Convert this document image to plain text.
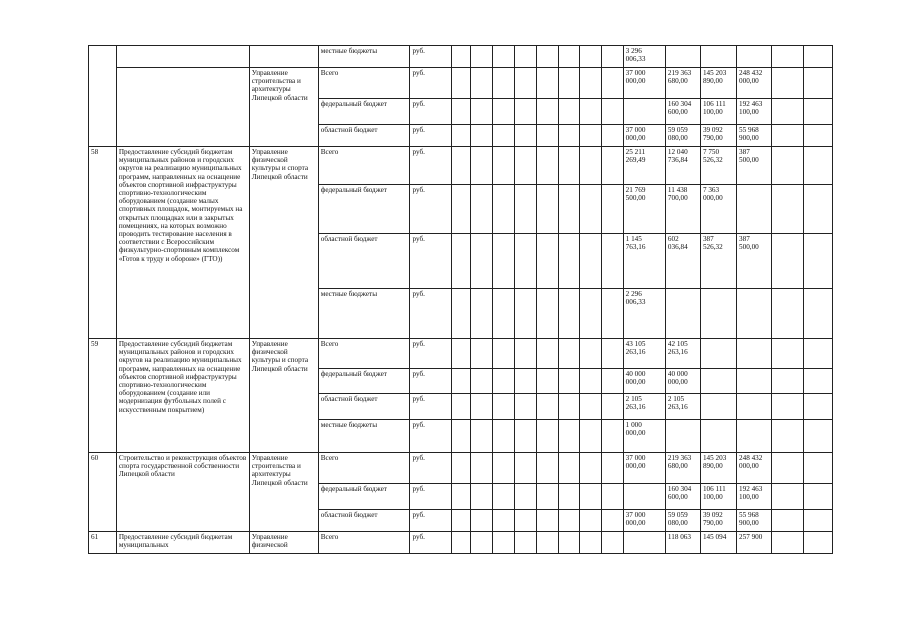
			местные бюджеты	руб.									3 296 006,33					
		Управление строительства и архитектуры Липецкой области	Всего	руб.									37 000 000,00	219 363 680,00	145 203 890,00	248 432 000,00		
			федеральный бюджет	руб.										160 304 600,00	106 111 100,00	192 463 100,00		
			областной бюджет	руб.									37 000 000,00	59 059 080,00	39 092 790,00	55 968 900,00		
58	Предоставление субсидий бюджетам муниципальных районов и городских округов на реализацию муниципальных программ, направленных на оснащение объектов спортивной инфраструктуры спортивно-технологическим оборудованием (создание малых спортивных площадок, монтируемых на открытых площадках или в закрытых помещениях, на которых возможно проводить тестирование населения в соответствии с Всероссийским физкультурно-спортивным комплексом «Готов к труду и обороне» (ГТО))	Управление физической культуры и спорта Липецкой области	Всего	руб.									25 211 269,49	12 040 736,84	7 750 526,32	387 500,00		
			федеральный бюджет	руб.									21 769 500,00	11 438 700,00	7 363 000,00			
			областной бюджет	руб.									1 145 763,16	602 036,84	387 526,32	387 500,00		
			местные бюджеты	руб.									2 296 006,33					
59	Предоставление субсидий бюджетам муниципальных районов и городских округов на реализацию муниципальных программ, направленных на оснащение объектов спортивной инфраструктуры спортивно-технологическим оборудованием (создание или модернизация футбольных полей с искусственным покрытием)	Управление физической культуры и спорта Липецкой области	Всего	руб.									43 105 263,16	42 105 263,16				
			федеральный бюджет	руб.									40 000 000,00	40 000 000,00				
			областной бюджет	руб.									2 105 263,16	2 105 263,16				
			местные бюджеты	руб.									1 000 000,00					
60	Строительство и реконструкция объектов спорта государственной собственности Липецкой области	Управление строительства и архитектуры Липецкой области	Всего	руб.									37 000 000,00	219 363 680,00	145 203 890,00	248 432 000,00		
			федеральный бюджет	руб.										160 304 600,00	106 111 100,00	192 463 100,00		
			областной бюджет	руб.									37 000 000,00	59 059 080,00	39 092 790,00	55 968 900,00		
61	Предоставление субсидий бюджетам муниципальных	Управление физической	Всего	руб.										118 063	145 094	257 900		
